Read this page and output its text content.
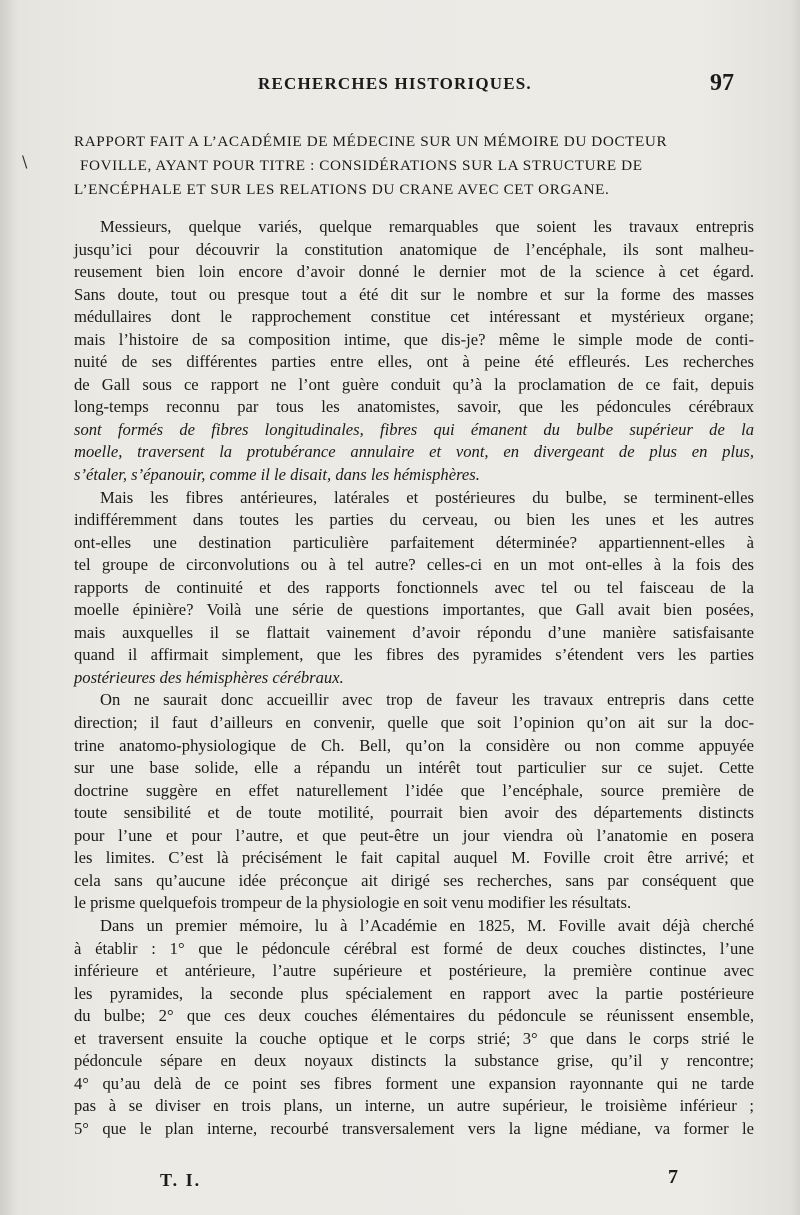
RECHERCHES HISTORIQUES.	97
\
RAPPORT FAIT A L’ACADÉMIE DE MÉDECINE SUR UN MÉMOIRE DU DOCTEUR
FOVILLE, AYANT POUR TITRE : CONSIDÉRATIONS SUR LA STRUCTURE DE
L’ENCÉPHALE ET SUR LES RELATIONS DU CRANE AVEC CET ORGANE.
Messieurs, quelque variés, quelque remarquables que soient les travaux entrepris
jusqu’ici pour découvrir la constitution anatomique de l’encéphale, ils sont malheu-
reusement bien loin encore d’avoir donné le dernier mot de la science à cet égard.
Sans doute, tout ou presque tout a été dit sur le nombre et sur la forme des masses
médullaires dont le rapprochement constitue cet intéressant et mystérieux organe;
mais l’histoire de sa composition intime, que dis-je? même le simple mode de conti-
nuité de ses différentes parties entre elles, ont à peine été effleurés. Les recherches
de Gall sous ce rapport ne l’ont guère conduit qu’à la proclamation de ce fait, depuis
long-temps reconnu par tous les anatomistes, savoir, que les pédoncules cérébraux
sont formés de fibres longitudinales, fibres qui émanent du bulbe supérieur de la
moelle, traversent la protubérance annulaire et vont, en divergeant de plus en plus,
s’étaler, s’épanouir, comme il le disait, dans les hémisphères.
Mais les fibres antérieures, latérales et postérieures du bulbe, se terminent-elles
indifféremment dans toutes les parties du cerveau, ou bien les unes et les autres
ont-elles une destination particulière parfaitement déterminée? appartiennent-elles à
tel groupe de circonvolutions ou à tel autre? celles-ci en un mot ont-elles à la fois des
rapports de continuité et des rapports fonctionnels avec tel ou tel faisceau de la
moelle épinière? Voilà une série de questions importantes, que Gall avait bien posées,
mais auxquelles il se flattait vainement d’avoir répondu d’une manière satisfaisante
quand il affirmait simplement, que les fibres des pyramides s’étendent vers les parties
postérieures des hémisphères cérébraux.
On ne saurait donc accueillir avec trop de faveur les travaux entrepris dans cette
direction; il faut d’ailleurs en convenir, quelle que soit l’opinion qu’on ait sur la doc-
trine anatomo-physiologique de Ch. Bell, qu’on la considère ou non comme appuyée
sur une base solide, elle a répandu un intérêt tout particulier sur ce sujet. Cette
doctrine suggère en effet naturellement l’idée que l’encéphale, source première de
toute sensibilité et de toute motilité, pourrait bien avoir des départements distincts
pour l’une et pour l’autre, et que peut-être un jour viendra où l’anatomie en posera
les limites. C’est là précisément le fait capital auquel M. Foville croit être arrivé; et
cela sans qu’aucune idée préconçue ait dirigé ses recherches, sans par conséquent que
le prisme quelquefois trompeur de la physiologie en soit venu modifier les résultats.
Dans un premier mémoire, lu à l’Académie en 1825, M. Foville avait déjà cherché
à établir : 1° que le pédoncule cérébral est formé de deux couches distinctes, l’une
inférieure et antérieure, l’autre supérieure et postérieure, la première continue avec
les pyramides, la seconde plus spécialement en rapport avec la partie postérieure
du bulbe; 2° que ces deux couches élémentaires du pédoncule se réunissent ensemble,
et traversent ensuite la couche optique et le corps strié; 3° que dans le corps strié le
pédoncule sépare en deux noyaux distincts la substance grise, qu’il y rencontre;
4° qu’au delà de ce point ses fibres forment une expansion rayonnante qui ne tarde
pas à se diviser en trois plans, un interne, un autre supérieur, le troisième inférieur ;
5° que le plan interne, recourbé transversalement vers la ligne médiane, va former le
T. I.	7
